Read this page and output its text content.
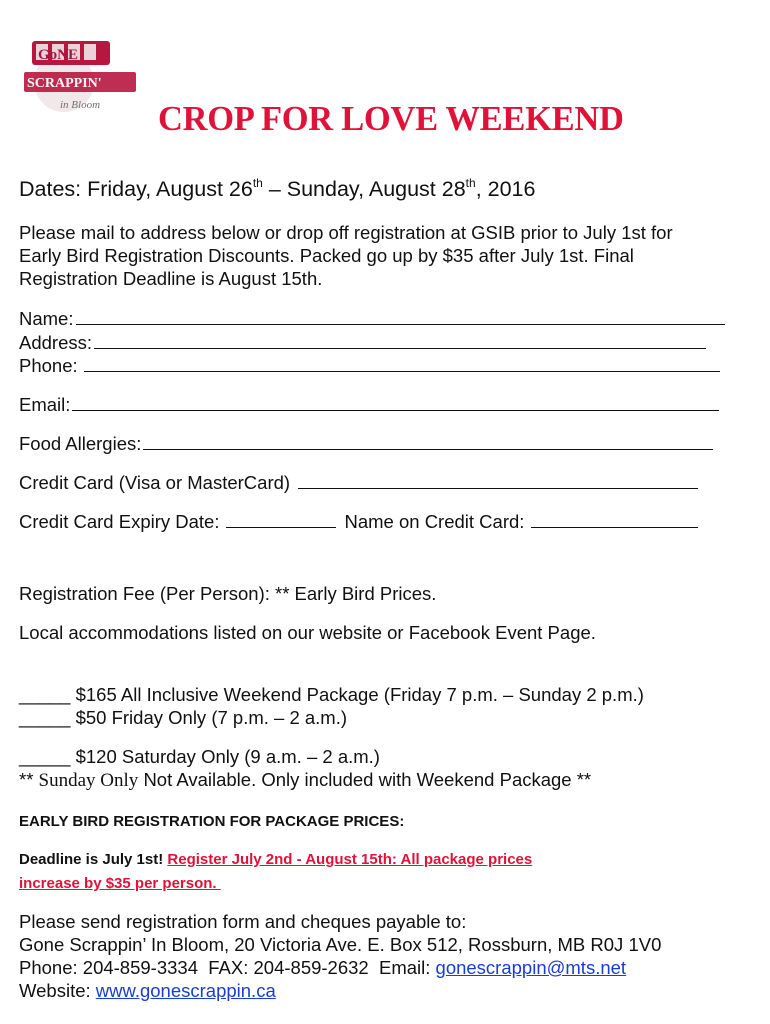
GoNE
SCRAPPIN'
in Bloom CROP FOR LOVE WEEKEND
Dates: Friday, August 26th – Sunday, August 28th, 2016
Please mail to address below or drop off registration at GSIB prior to July 1st for
Early Bird Registration Discounts. Packed go up by $35 after July 1st. Final
Registration Deadline is August 15th.
Name:
Address:
Phone:
Email:
Food Allergies:
Credit Card (Visa or MasterCard)
Credit Card Expiry Date:	Name on Credit Card:
Registration Fee (Per Person): ** Early Bird Prices.
Local accommodations listed on our website or Facebook Event Page.
_____ $165 All Inclusive Weekend Package (Friday 7 p.m. – Sunday 2 p.m.)
_____ $50 Friday Only (7 p.m. – 2 a.m.)
_____ $120 Saturday Only (9 a.m. – 2 a.m.)
** Sunday Only Not Available. Only included with Weekend Package **
EARLY BIRD REGISTRATION FOR PACKAGE PRICES:
Deadline is July 1st! Register July 2nd - August 15th: All package prices
increase by $35 per person.
Please send registration form and cheques payable to:
Gone Scrappin’ In Bloom, 20 Victoria Ave. E. Box 512, Rossburn, MB R0J 1V0
Phone: 204-859-3334  FAX: 204-859-2632  Email: gonescrappin@mts.net
Website: www.gonescrappin.ca
